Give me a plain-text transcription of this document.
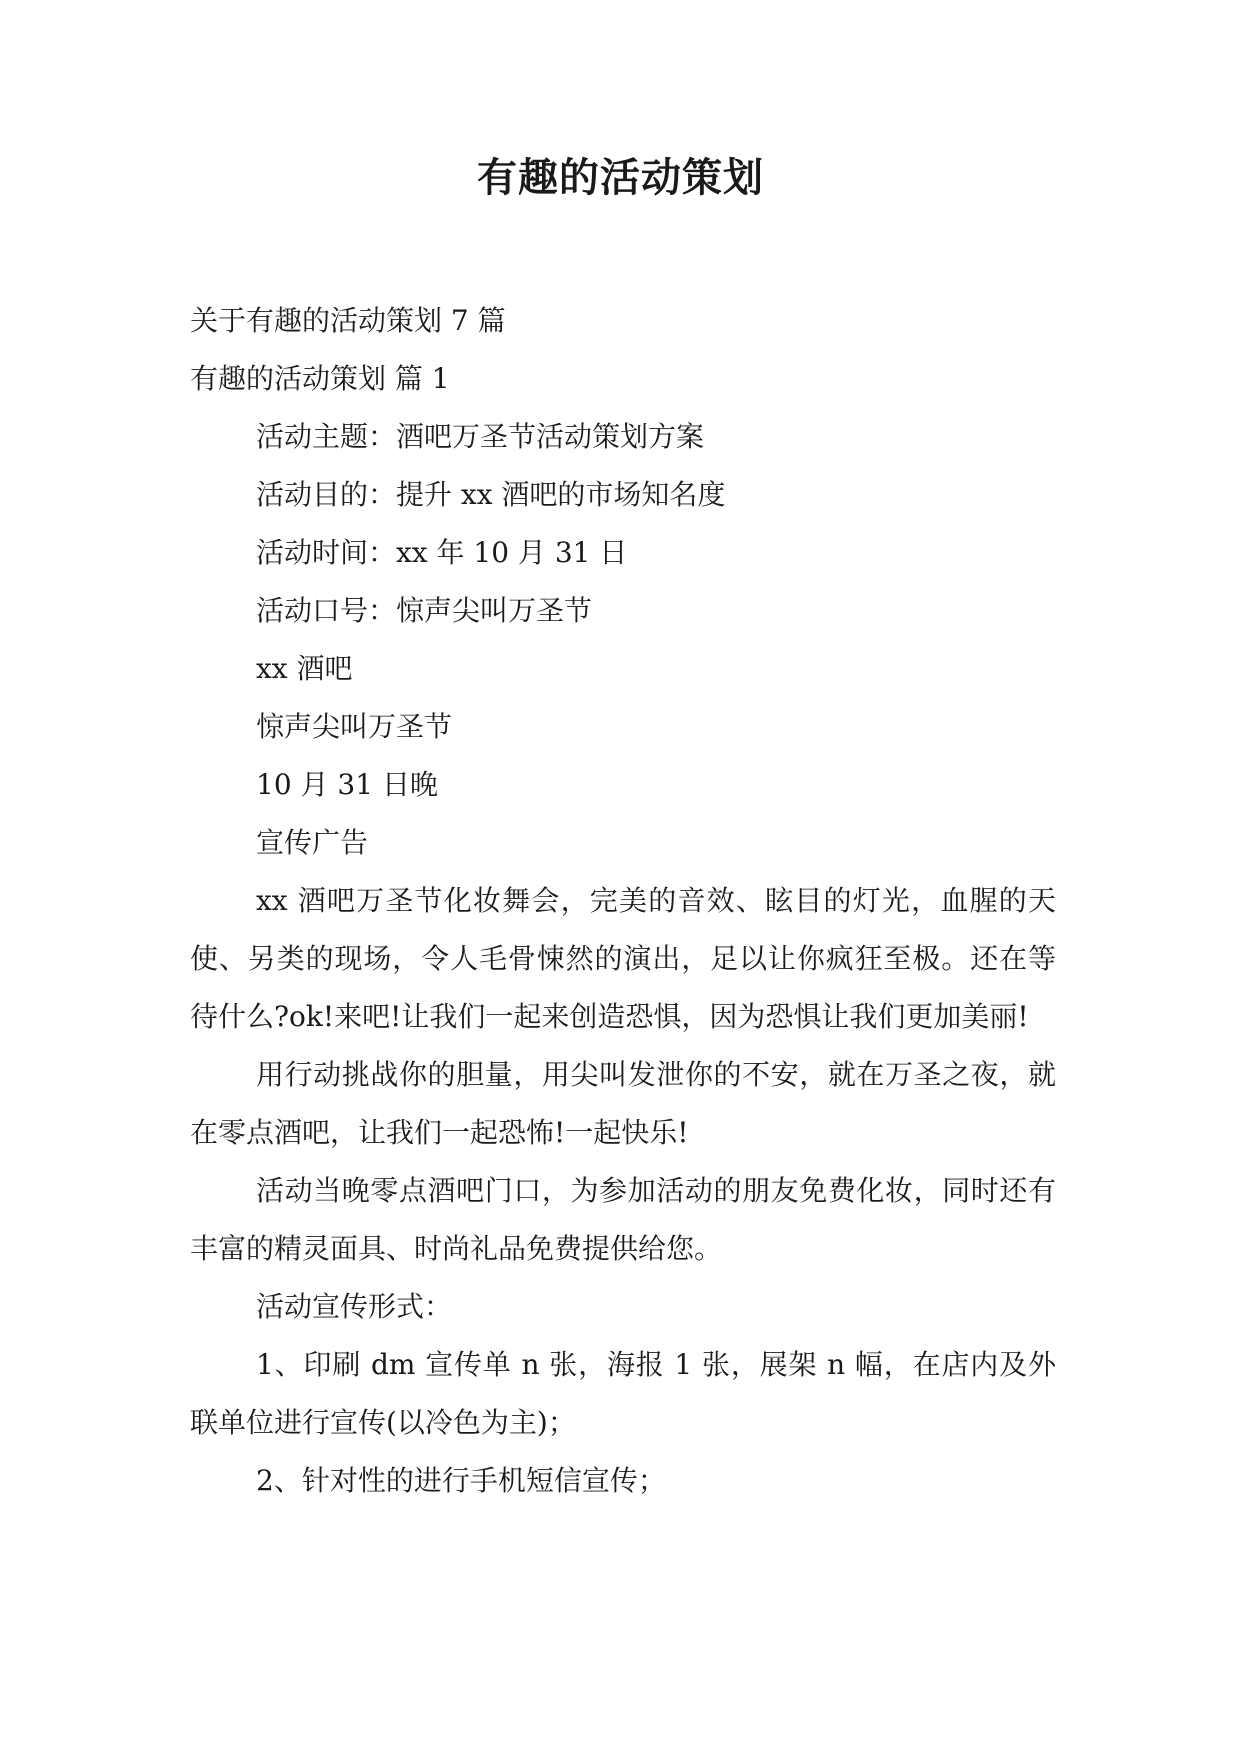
有趣的活动策划
关于有趣的活动策划 7 篇
有趣的活动策划 篇 1
活动主题：酒吧万圣节活动策划方案
活动目的：提升 xx 酒吧的市场知名度
活动时间：xx 年 10 月 31 日
活动口号：惊声尖叫万圣节
xx 酒吧
惊声尖叫万圣节
10 月 31 日晚
宣传广告

xx 酒吧万圣节化妆舞会，完美的音效、眩目的灯光，血腥的天使、另类的现场，令人毛骨悚然的演出，足以让你疯狂至极。还在等待什么?ok!来吧!让我们一起来创造恐惧，因为恐惧让我们更加美丽!

用行动挑战你的胆量，用尖叫发泄你的不安，就在万圣之夜，就在零点酒吧，让我们一起恐怖!一起快乐!

活动当晚零点酒吧门口，为参加活动的朋友免费化妆，同时还有丰富的精灵面具、时尚礼品免费提供给您。

活动宣传形式：

1、印刷 dm 宣传单 n 张，海报 1 张，展架 n 幅，在店内及外联单位进行宣传(以冷色为主)；

2、针对性的进行手机短信宣传；
